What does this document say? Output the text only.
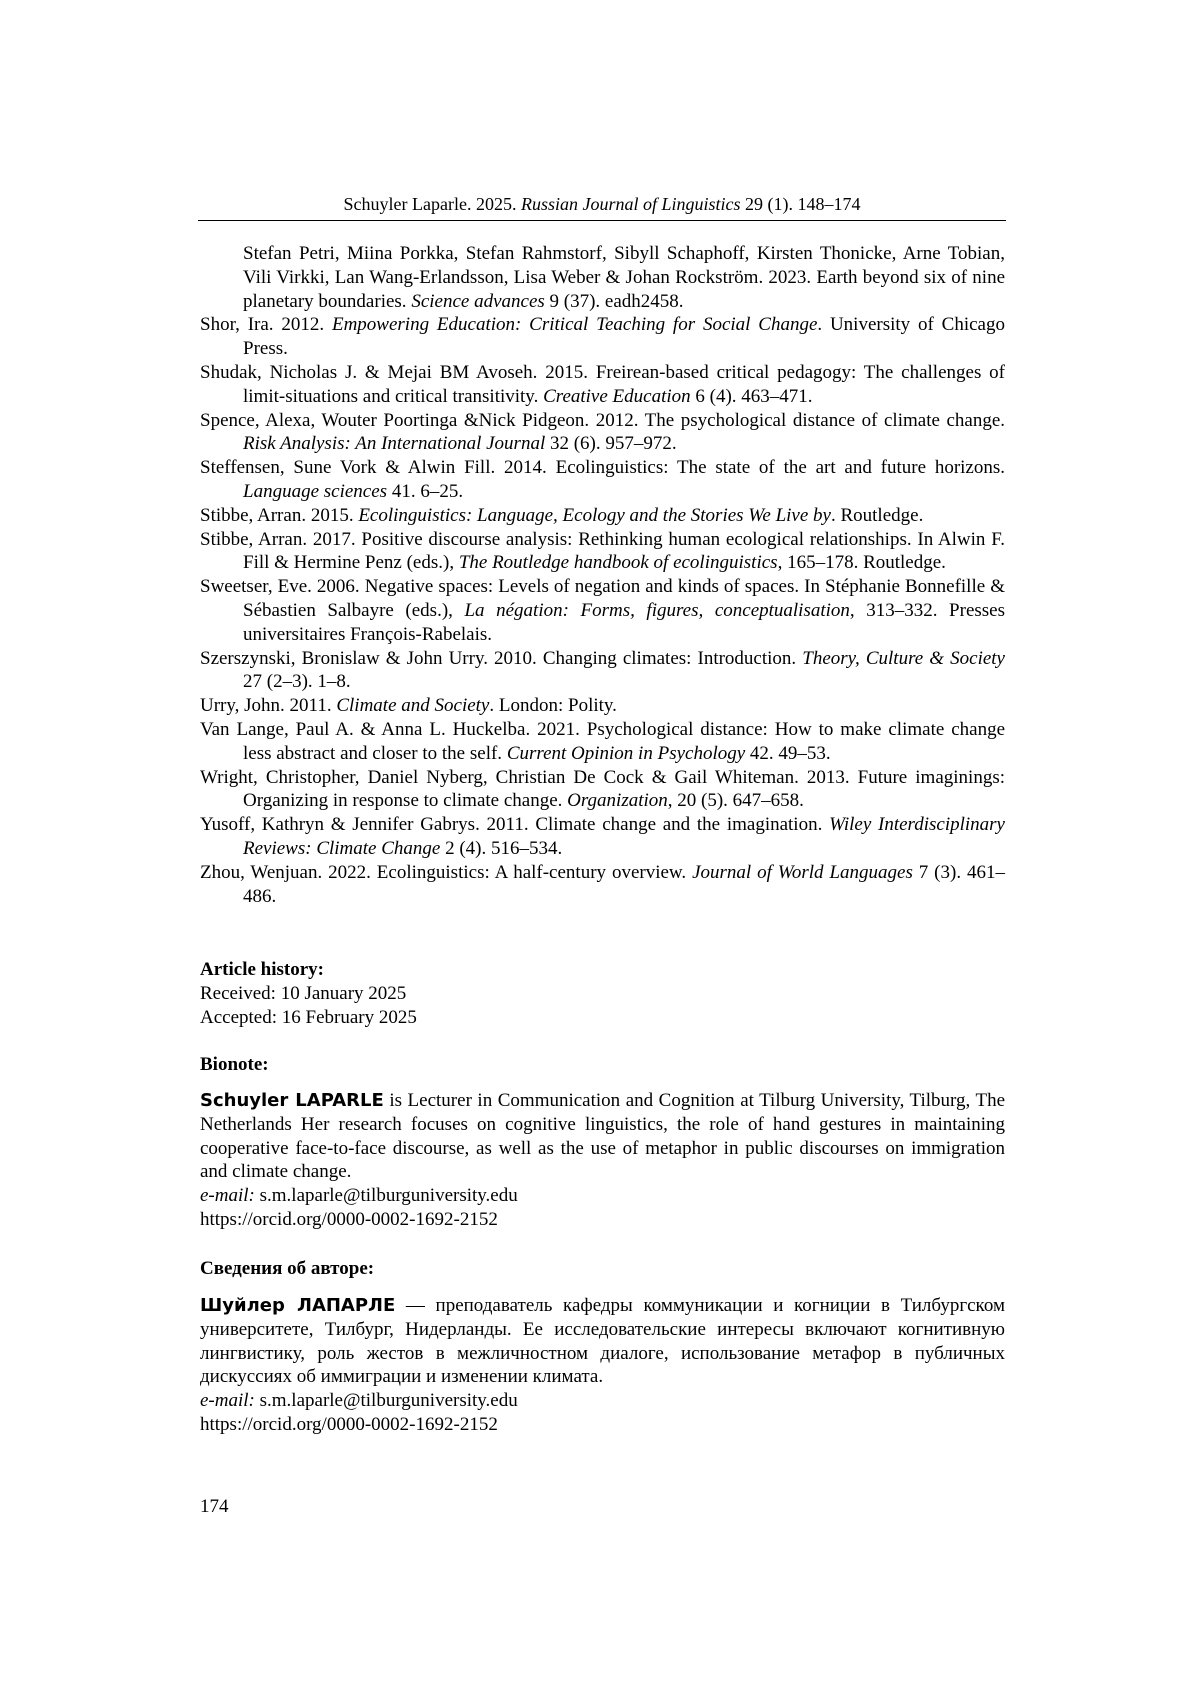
Schuyler Laparle. 2025. Russian Journal of Linguistics 29 (1). 148–174
Stefan Petri, Miina Porkka, Stefan Rahmstorf, Sibyll Schaphoff, Kirsten Thonicke, Arne Tobian, Vili Virkki, Lan Wang-Erlandsson, Lisa Weber & Johan Rockström. 2023. Earth beyond six of nine planetary boundaries. Science advances 9 (37). eadh2458.
Shor, Ira. 2012. Empowering Education: Critical Teaching for Social Change. University of Chicago Press.
Shudak, Nicholas J. & Mejai BM Avoseh. 2015. Freirean-based critical pedagogy: The challenges of limit-situations and critical transitivity. Creative Education 6 (4). 463–471.
Spence, Alexa, Wouter Poortinga &Nick Pidgeon. 2012. The psychological distance of climate change. Risk Analysis: An International Journal 32 (6). 957–972.
Steffensen, Sune Vork & Alwin Fill. 2014. Ecolinguistics: The state of the art and future horizons. Language sciences 41. 6–25.
Stibbe, Arran. 2015. Ecolinguistics: Language, Ecology and the Stories We Live by. Routledge.
Stibbe, Arran. 2017. Positive discourse analysis: Rethinking human ecological relationships. In Alwin F. Fill & Hermine Penz (eds.), The Routledge handbook of ecolinguistics, 165–178. Routledge.
Sweetser, Eve. 2006. Negative spaces: Levels of negation and kinds of spaces. In Stéphanie Bonnefille & Sébastien Salbayre (eds.), La négation: Forms, figures, conceptualisation, 313–332. Presses universitaires François-Rabelais.
Szerszynski, Bronislaw & John Urry. 2010. Changing climates: Introduction. Theory, Culture & Society 27 (2–3). 1–8.
Urry, John. 2011. Climate and Society. London: Polity.
Van Lange, Paul A. & Anna L. Huckelba. 2021. Psychological distance: How to make climate change less abstract and closer to the self. Current Opinion in Psychology 42. 49–53.
Wright, Christopher, Daniel Nyberg, Christian De Cock & Gail Whiteman. 2013. Future imaginings: Organizing in response to climate change. Organization, 20 (5). 647–658.
Yusoff, Kathryn & Jennifer Gabrys. 2011. Climate change and the imagination. Wiley Interdisciplinary Reviews: Climate Change 2 (4). 516–534.
Zhou, Wenjuan. 2022. Ecolinguistics: A half-century overview. Journal of World Languages 7 (3). 461–486.
Article history:
Received: 10 January 2025
Accepted: 16 February 2025
Bionote:
Schuyler LAPARLE is Lecturer in Communication and Cognition at Tilburg University, Tilburg, The Netherlands Her research focuses on cognitive linguistics, the role of hand gestures in maintaining cooperative face-to-face discourse, as well as the use of metaphor in public discourses on immigration and climate change.
e-mail: s.m.laparle@tilburguniversity.edu
https://orcid.org/0000-0002-1692-2152
Сведения об авторе:
Шуйлер ЛАПАРЛЕ — преподаватель кафедры коммуникации и когниции в Тилбургском университете, Тилбург, Нидерланды. Ее исследовательские интересы включают когнитивную лингвистику, роль жестов в межличностном диалоге, использование метафор в публичных дискуссиях об иммиграции и изменении климата.
e-mail: s.m.laparle@tilburguniversity.edu
https://orcid.org/0000-0002-1692-2152
174
